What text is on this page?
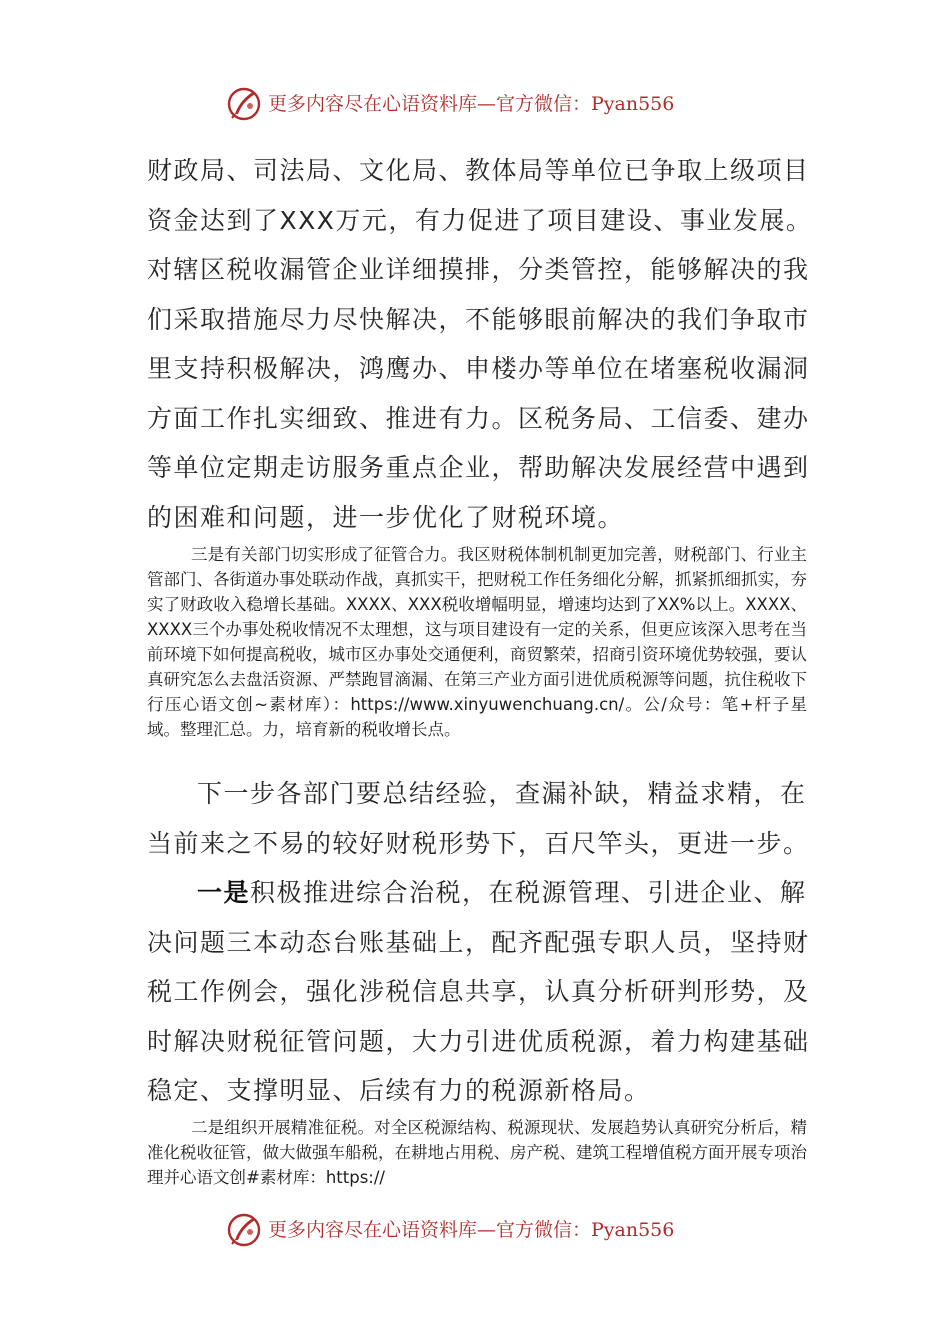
更多内容尽在心语资料库—官方微信：Pyan556

财政局、司法局、文化局、教体局等单位已争取上级项目资金达到了XXX万元，有力促进了项目建设、事业发展。对辖区税收漏管企业详细摸排，分类管控，能够解决的我们采取措施尽力尽快解决，不能够眼前解决的我们争取市里支持积极解决，鸿鹰办、申楼办等单位在堵塞税收漏洞方面工作扎实细致、推进有力。区税务局、工信委、建办等单位定期走访服务重点企业，帮助解决发展经营中遇到的困难和问题，进一步优化了财税环境。

三是有关部门切实形成了征管合力。我区财税体制机制更加完善，财税部门、行业主管部门、各街道办事处联动作战，真抓实干，把财税工作任务细化分解，抓紧抓细抓实，夯实了财政收入稳增长基础。XXXX、XXX税收增幅明显，增速均达到了XX%以上。XXXX、XXXX三个办事处税收情况不太理想，这与项目建设有一定的关系，但更应该深入思考在当前环境下如何提高税收，城市区办事处交通便利，商贸繁荣，招商引资环境优势较强，要认真研究怎么去盘活资源、严禁跑冒滴漏、在第三产业方面引进优质税源等问题，抗住税收下行压心语文创~素材库）：https://www.xinyuwenchuang.cn/。公/众号：笔+杆子星域。整理汇总。力，培育新的税收增长点。

下一步各部门要总结经验，查漏补缺，精益求精，在当前来之不易的较好财税形势下，百尺竿头，更进一步。

一是积极推进综合治税，在税源管理、引进企业、解决问题三本动态台账基础上，配齐配强专职人员，坚持财税工作例会，强化涉税信息共享，认真分析研判形势，及时解决财税征管问题，大力引进优质税源，着力构建基础稳定、支撑明显、后续有力的税源新格局。

二是组织开展精准征税。对全区税源结构、税源现状、发展趋势认真研究分析后，精准化税收征管，做大做强车船税，在耕地占用税、房产税、建筑工程增值税方面开展专项治理并心语文创#素材库：https://

更多内容尽在心语资料库—官方微信：Pyan556
